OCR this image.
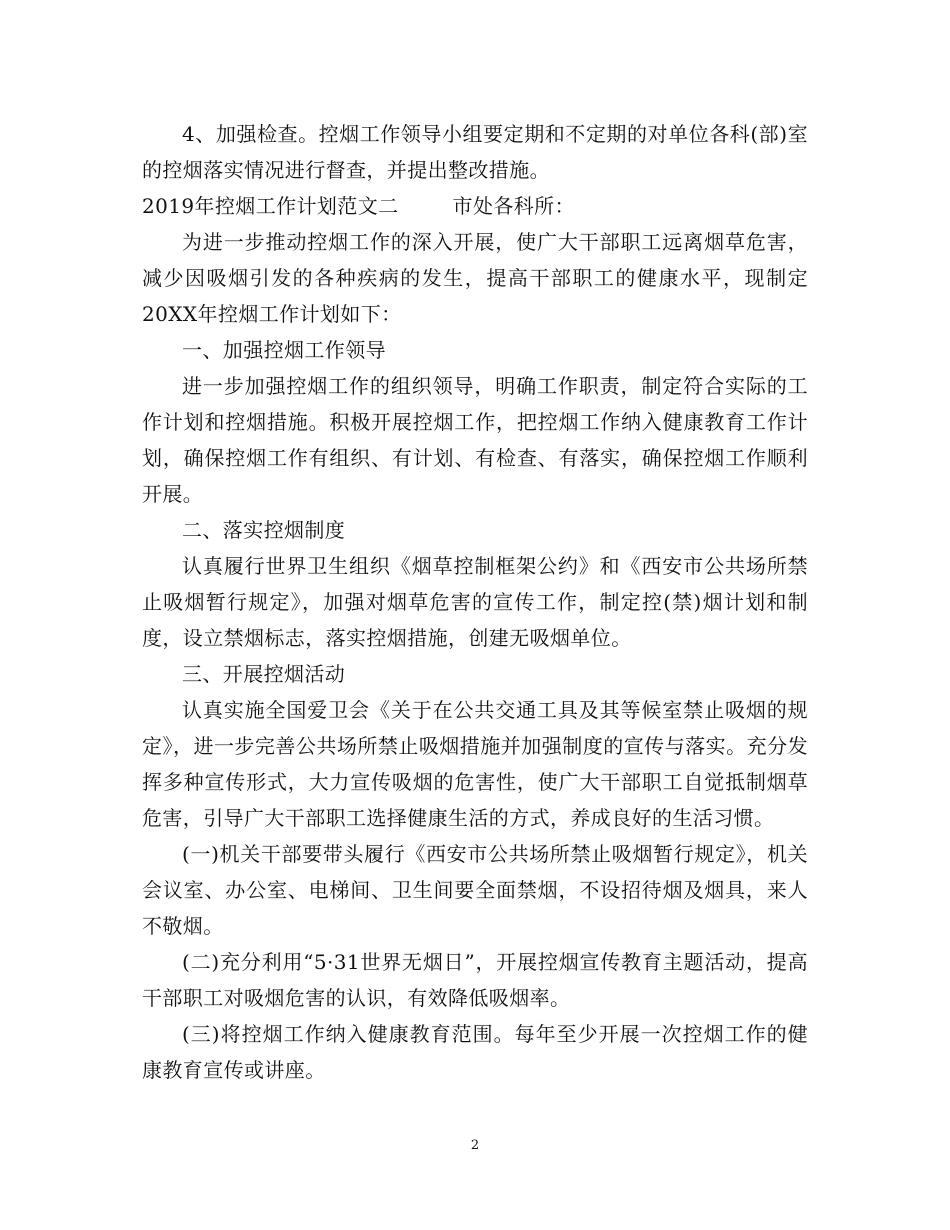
4、加强检查。控烟工作领导小组要定期和不定期的对单位各科(部)室的控烟落实情况进行督查，并提出整改措施。

2019年控烟工作计划范文二        市处各科所：

为进一步推动控烟工作的深入开展，使广大干部职工远离烟草危害，减少因吸烟引发的各种疾病的发生，提高干部职工的健康水平，现制定20XX年控烟工作计划如下：

一、加强控烟工作领导

进一步加强控烟工作的组织领导，明确工作职责，制定符合实际的工作计划和控烟措施。积极开展控烟工作，把控烟工作纳入健康教育工作计划，确保控烟工作有组织、有计划、有检查、有落实，确保控烟工作顺利开展。

二、落实控烟制度

认真履行世界卫生组织《烟草控制框架公约》和《西安市公共场所禁止吸烟暂行规定》，加强对烟草危害的宣传工作，制定控(禁)烟计划和制度，设立禁烟标志，落实控烟措施，创建无吸烟单位。

三、开展控烟活动

认真实施全国爱卫会《关于在公共交通工具及其等候室禁止吸烟的规定》，进一步完善公共场所禁止吸烟措施并加强制度的宣传与落实。充分发挥多种宣传形式，大力宣传吸烟的危害性，使广大干部职工自觉抵制烟草危害，引导广大干部职工选择健康生活的方式，养成良好的生活习惯。

(一)机关干部要带头履行《西安市公共场所禁止吸烟暂行规定》，机关会议室、办公室、电梯间、卫生间要全面禁烟，不设招待烟及烟具，来人不敬烟。

(二)充分利用“5·31世界无烟日”，开展控烟宣传教育主题活动，提高干部职工对吸烟危害的认识，有效降低吸烟率。

(三)将控烟工作纳入健康教育范围。每年至少开展一次控烟工作的健康教育宣传或讲座。

2
